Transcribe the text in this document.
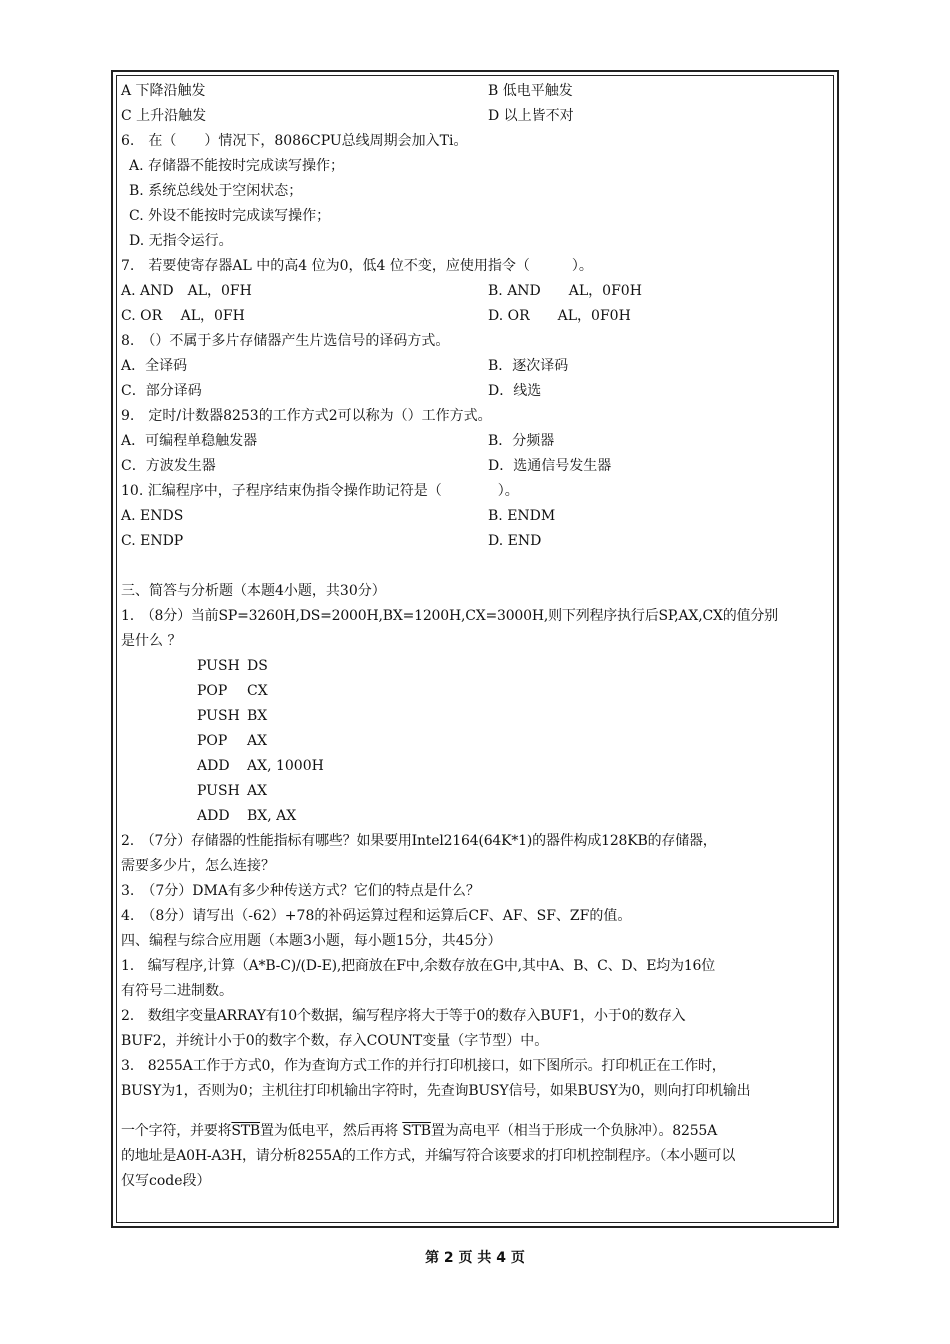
A 下降沿触发	B 低电平触发
C 上升沿触发	D 以上皆不对
6.　在（　　）情况下，8086CPU总线周期会加入Ti。
A. 存储器不能按时完成读写操作；
B. 系统总线处于空闲状态；
C. 外设不能按时完成读写操作；
D. 无指令运行。
7.　若要使寄存器AL 中的高4 位为0，低4 位不变，应使用指令（　　　）。
A. AND　AL，0FH	B. AND　　AL，0F0H
C. OR　 AL，0FH	D. OR　　AL，0F0H
8.　（）不属于多片存储器产生片选信号的译码方式。
A．全译码	B．逐次译码
C．部分译码	D．线选
9.　定时/计数器8253的工作方式2可以称为（）工作方式。
A．可编程单稳触发器	B．分频器
C．方波发生器	D．选通信号发生器
10. 汇编程序中，子程序结束伪指令操作助记符是（　　　　）。
A. ENDS	B. ENDM
C. ENDP	D. END
三、简答与分析题（本题4小题，共30分）
1.　（8分）当前SP=3260H,DS=2000H,BX=1200H,CX=3000H,则下列程序执行后SP,AX,CX的值分别
是什么 ？
PUSH DS
POP CX
PUSH BX
POP AX
ADD AX, 1000H
PUSH AX
ADD BX, AX
2.　（7分）存储器的性能指标有哪些？如果要用Intel2164(64K*1)的器件构成128KB的存储器，
需要多少片，怎么连接？
3.　（7分）DMA有多少种传送方式？它们的特点是什么？
4.　（8分）请写出（-62）+78的补码运算过程和运算后CF、AF、SF、ZF的值。
四、编程与综合应用题（本题3小题，每小题15分，共45分）
1.　编写程序,计算（A*B-C)/(D-E),把商放在F中,余数存放在G中,其中A、B、C、D、E均为16位
有符号二进制数。
2.　数组字变量ARRAY有10个数据，编写程序将大于等于0的数存入BUF1，小于0的数存入
BUF2，并统计小于0的数字个数，存入COUNT变量（字节型）中。
3.　8255A工作于方式0，作为查询方式工作的并行打印机接口，如下图所示。打印机正在工作时，
BUSY为1，否则为0；主机往打印机输出字符时，先查询BUSY信号，如果BUSY为0，则向打印机输出
一个字符，并要将$\overline{STB}$置为低电平，然后再将 $\overline{STB}$置为高电平（相当于形成一个负脉冲）。8255A
的地址是A0H-A3H，请分析8255A的工作方式，并编写符合该要求的打印机控制程序。（本小题可以
仅写code段）
第 2 页 共 4 页
